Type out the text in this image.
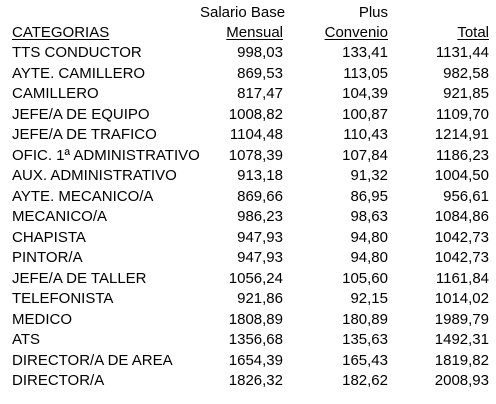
	Salario Base	Plus	
CATEGORIAS	Mensual	Convenio	Total
TTS CONDUCTOR	998,03	133,41	1131,44
AYTE. CAMILLERO	869,53	113,05	982,58
CAMILLERO	817,47	104,39	921,85
JEFE/A DE EQUIPO	1008,82	100,87	1109,70
JEFE/A DE TRAFICO	1104,48	110,43	1214,91
OFIC. 1ª ADMINISTRATIVO	1078,39	107,84	1186,23
AUX. ADMINISTRATIVO	913,18	91,32	1004,50
AYTE. MECANICO/A	869,66	86,95	956,61
MECANICO/A	986,23	98,63	1084,86
CHAPISTA	947,93	94,80	1042,73
PINTOR/A	947,93	94,80	1042,73
JEFE/A DE TALLER	1056,24	105,60	1161,84
TELEFONISTA	921,86	92,15	1014,02
MEDICO	1808,89	180,89	1989,79
ATS	1356,68	135,63	1492,31
DIRECTOR/A DE AREA	1654,39	165,43	1819,82
DIRECTOR/A	1826,32	182,62	2008,93
